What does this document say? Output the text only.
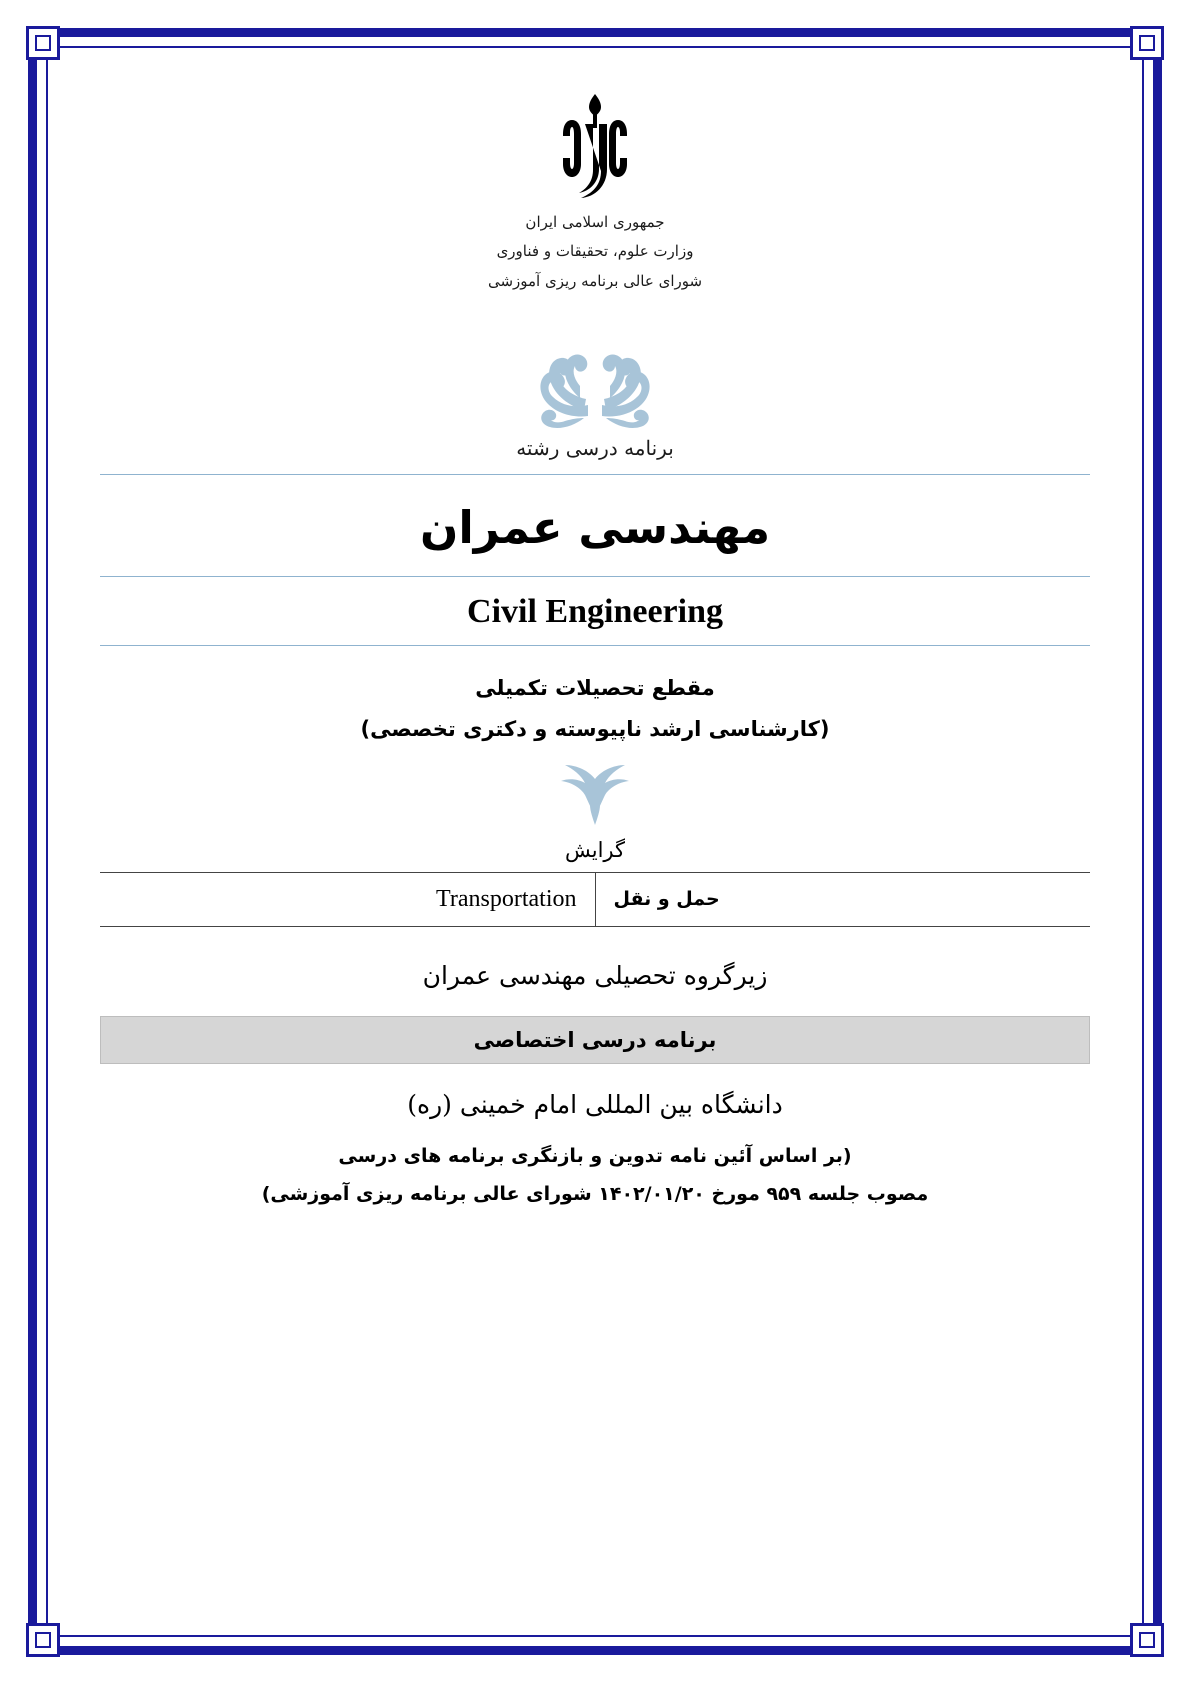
جمهوری اسلامی ایران
وزارت علوم، تحقیقات و فناوری
شورای عالی برنامه ریزی آموزشی
برنامه درسی رشته
مهندسی عمران
Civil Engineering
مقطع تحصیلات تکمیلی
(کارشناسی ارشد ناپیوسته و دکتری تخصصی)
گرایش
حمل و نقل	Transportation
زیرگروه تحصیلی مهندسی عمران
برنامه درسی اختصاصی
دانشگاه بین المللی امام خمینی (ره)
(بر اساس آئین نامه تدوین و بازنگری برنامه های درسی
مصوب جلسه ۹۵۹ مورخ ۱۴۰۲/۰۱/۲۰ شورای عالی برنامه ریزی آموزشی)
